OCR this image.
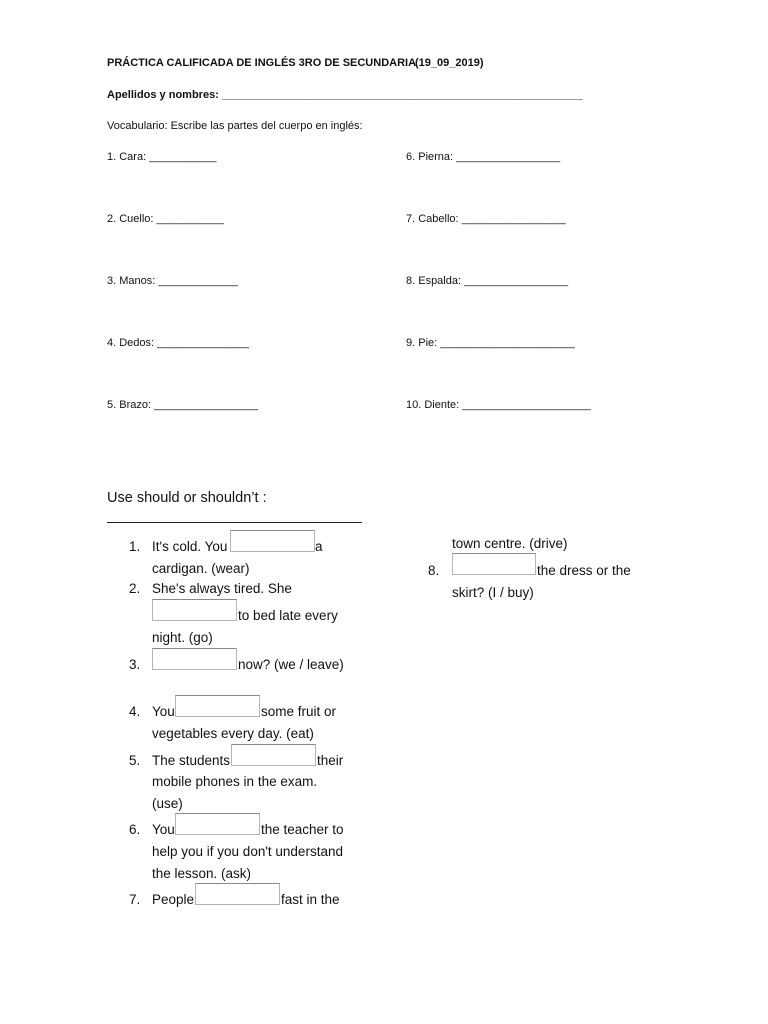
PRÁCTICA CALIFICADA DE INGLÉS 3RO DE SECUNDARIA
(19_09_2019)
Apellidos y nombres: ___________________________________________________________
Vocabulario: Escribe las partes del cuerpo en inglés:
1. Cara: ___________	6. Pierna: _________________
2. Cuello: ___________	7. Cabello: _________________
3. Manos: _____________	8. Espalda: _________________
4. Dedos: _______________	9. Pie: ______________________
5. Brazo: _________________	10. Diente: _____________________
Use should or shouldn’t :
1. It's cold. You	a
cardigan. (wear)
2. She's always tired. She
to bed late every
night. (go)
3.	now? (we / leave)
4. You	some fruit or
vegetables every day. (eat)
5. The students	their
mobile phones in the exam.
(use)
6. You	the teacher to
help you if you don't understand
the lesson. (ask)
7. People	fast in the
town centre. (drive)
8.	the dress or the
skirt? (I / buy)
